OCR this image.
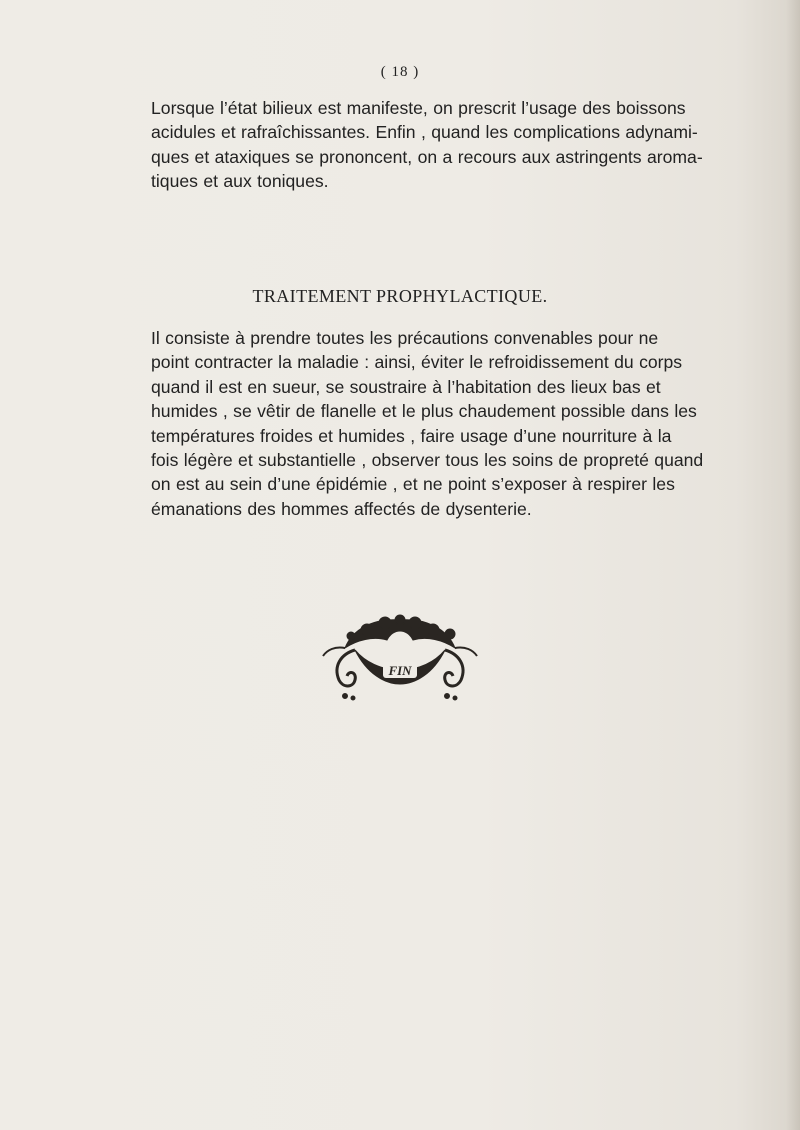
( 18 )
Lorsque l’état bilieux est manifeste, on prescrit l’usage des boissons
acidules et rafraîchissantes. Enfin , quand les complications adynami-
ques et ataxiques se prononcent, on a recours aux astringents aroma-
tiques et aux toniques.
TRAITEMENT PROPHYLACTIQUE.
Il consiste à prendre toutes les précautions convenables pour ne
point contracter la maladie : ainsi, éviter le refroidissement du corps
quand il est en sueur, se soustraire à l’habitation des lieux bas et
humides , se vêtir de flanelle et le plus chaudement possible dans les
températures froides et humides , faire usage d’une nourriture à la
fois légère et substantielle , observer tous les soins de propreté quand
on est au sein d’une épidémie , et ne point s’exposer à respirer les
émanations des hommes affectés de dysenterie.
FIN
